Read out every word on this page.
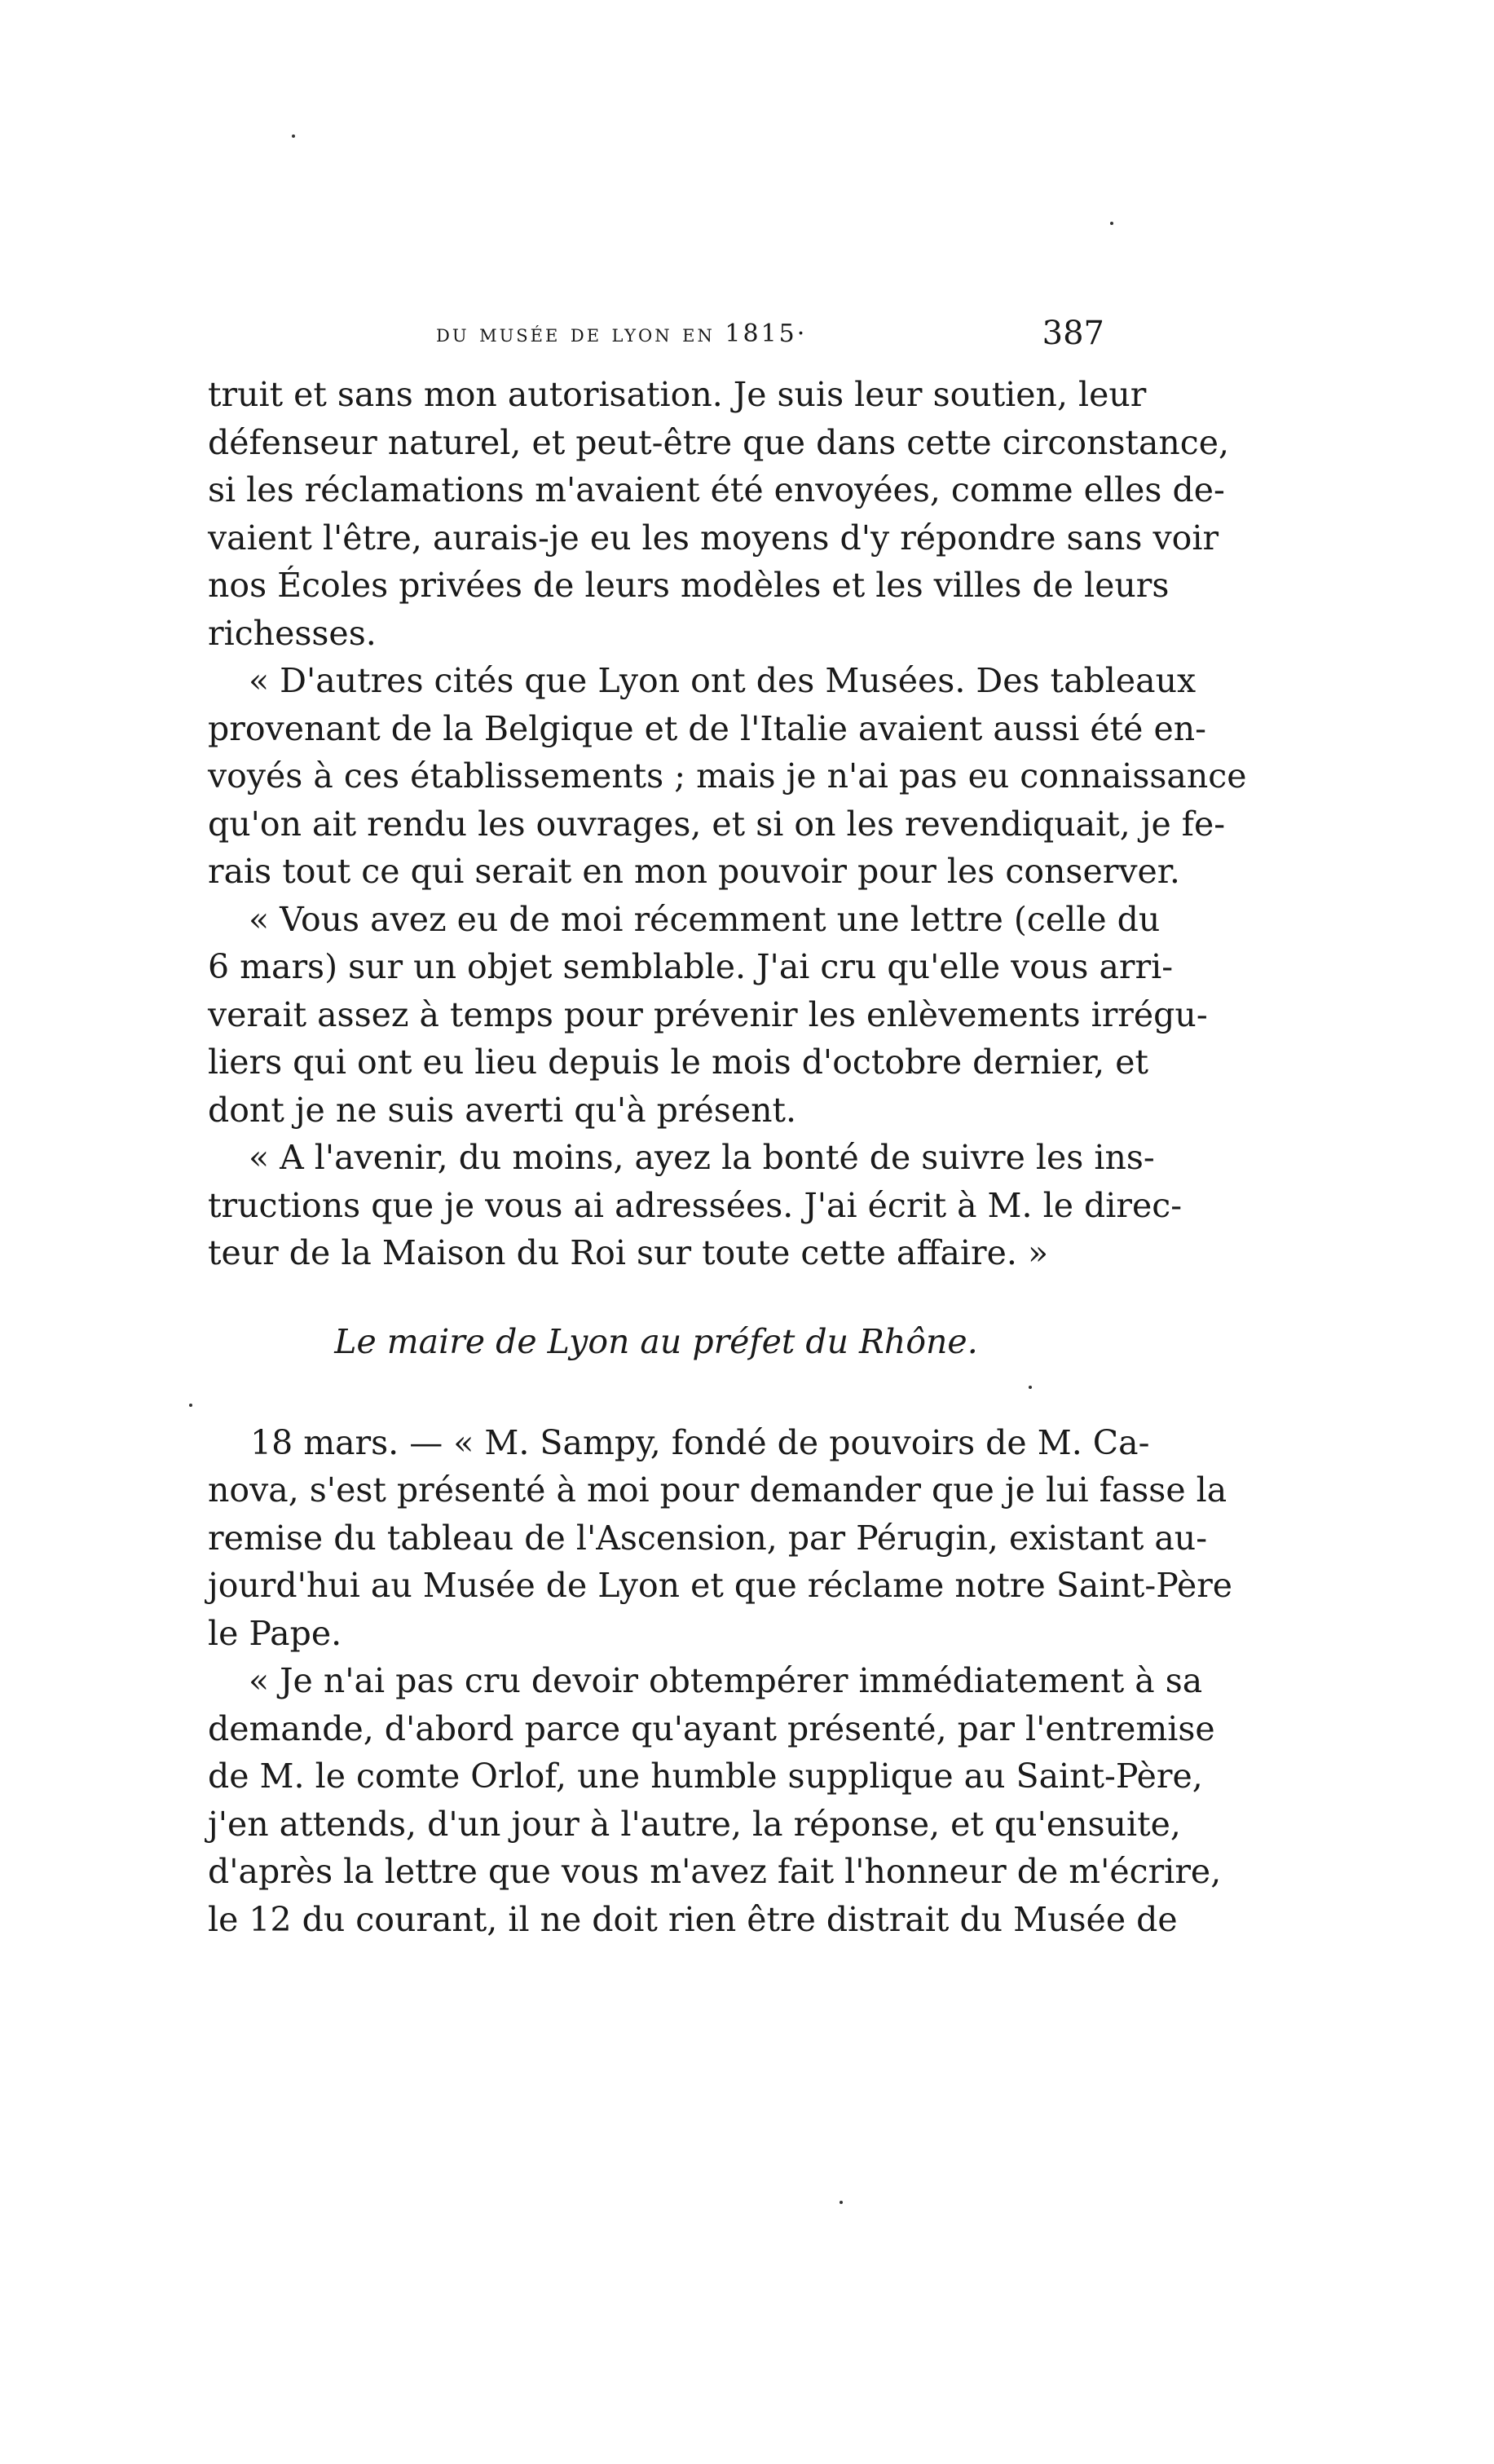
du musée de lyon en 1815·	387
truit et sans mon autorisation. Je suis leur soutien, leur
défenseur naturel, et peut-être que dans cette circonstance,
si les réclamations m'avaient été envoyées, comme elles de-
vaient l'être, aurais-je eu les moyens d'y répondre sans voir
nos Écoles privées de leurs modèles et les villes de leurs
richesses.
« D'autres cités que Lyon ont des Musées. Des tableaux
provenant de la Belgique et de l'Italie avaient aussi été en-
voyés à ces établissements ; mais je n'ai pas eu connaissance
qu'on ait rendu les ouvrages, et si on les revendiquait, je fe-
rais tout ce qui serait en mon pouvoir pour les conserver.
« Vous avez eu de moi récemment une lettre (celle du
6 mars) sur un objet semblable. J'ai cru qu'elle vous arri-
verait assez à temps pour prévenir les enlèvements irrégu-
liers qui ont eu lieu depuis le mois d'octobre dernier, et
dont je ne suis averti qu'à présent.
« A l'avenir, du moins, ayez la bonté de suivre les ins-
tructions que je vous ai adressées. J'ai écrit à M. le direc-
teur de la Maison du Roi sur toute cette affaire. »
Le maire de Lyon au préfet du Rhône.
18 mars. — « M. Sampy, fondé de pouvoirs de M. Ca-
nova, s'est présenté à moi pour demander que je lui fasse la
remise du tableau de l'Ascension, par Pérugin, existant au-
jourd'hui au Musée de Lyon et que réclame notre Saint-Père
le Pape.
« Je n'ai pas cru devoir obtempérer immédiatement à sa
demande, d'abord parce qu'ayant présenté, par l'entremise
de M. le comte Orlof, une humble supplique au Saint-Père,
j'en attends, d'un jour à l'autre, la réponse, et qu'ensuite,
d'après la lettre que vous m'avez fait l'honneur de m'écrire,
le 12 du courant, il ne doit rien être distrait du Musée de
